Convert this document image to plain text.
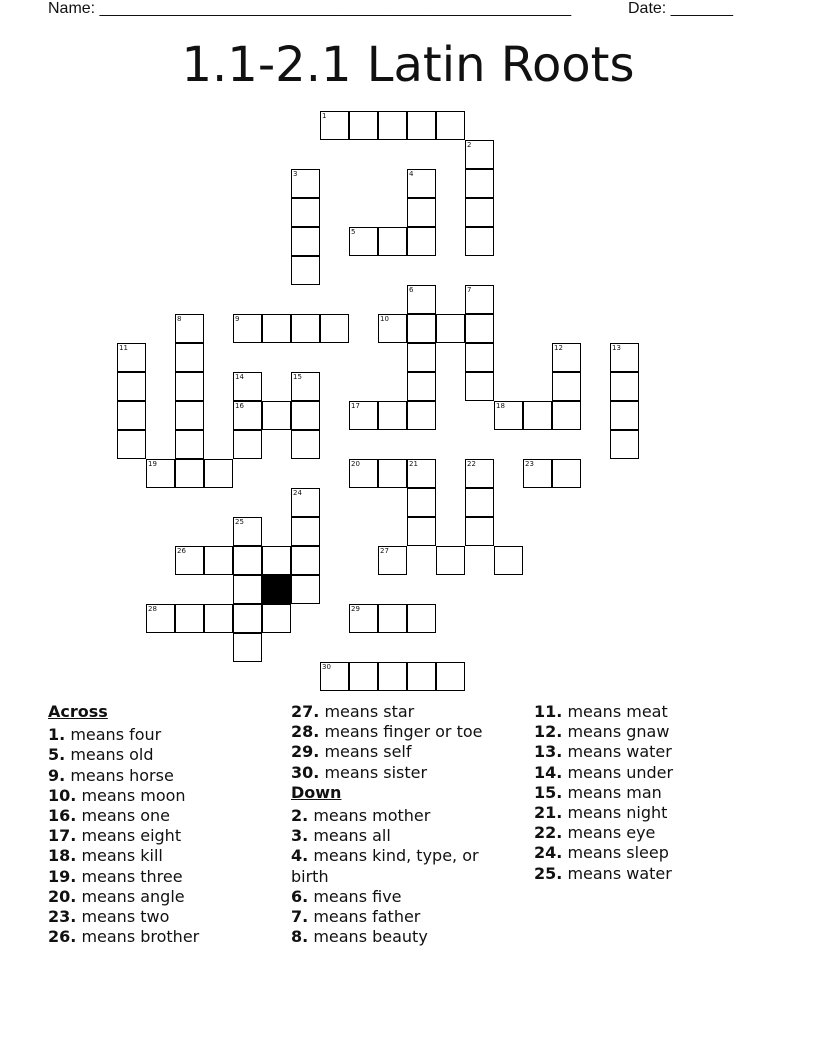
Name: _____________________________________________________	Date: _______
1.1-2.1 Latin Roots
1
2
3	4
5
6	7
8	9	10
11	12	13
14
16
15
17	18
19	20	21	22	23
24
25
26	27
28	29
30
Across
1. means four
5. means old
9. means horse
10. means moon
16. means one
17. means eight
18. means kill
19. means three
20. means angle
23. means two
26. means brother
27. means star
28. means finger or toe
29. means self
30. means sister
Down
2. means mother
3. means all
4. means kind, type, or birth
6. means five
7. means father
8. means beauty
11. means meat
12. means gnaw
13. means water
14. means under
15. means man
21. means night
22. means eye
24. means sleep
25. means water
